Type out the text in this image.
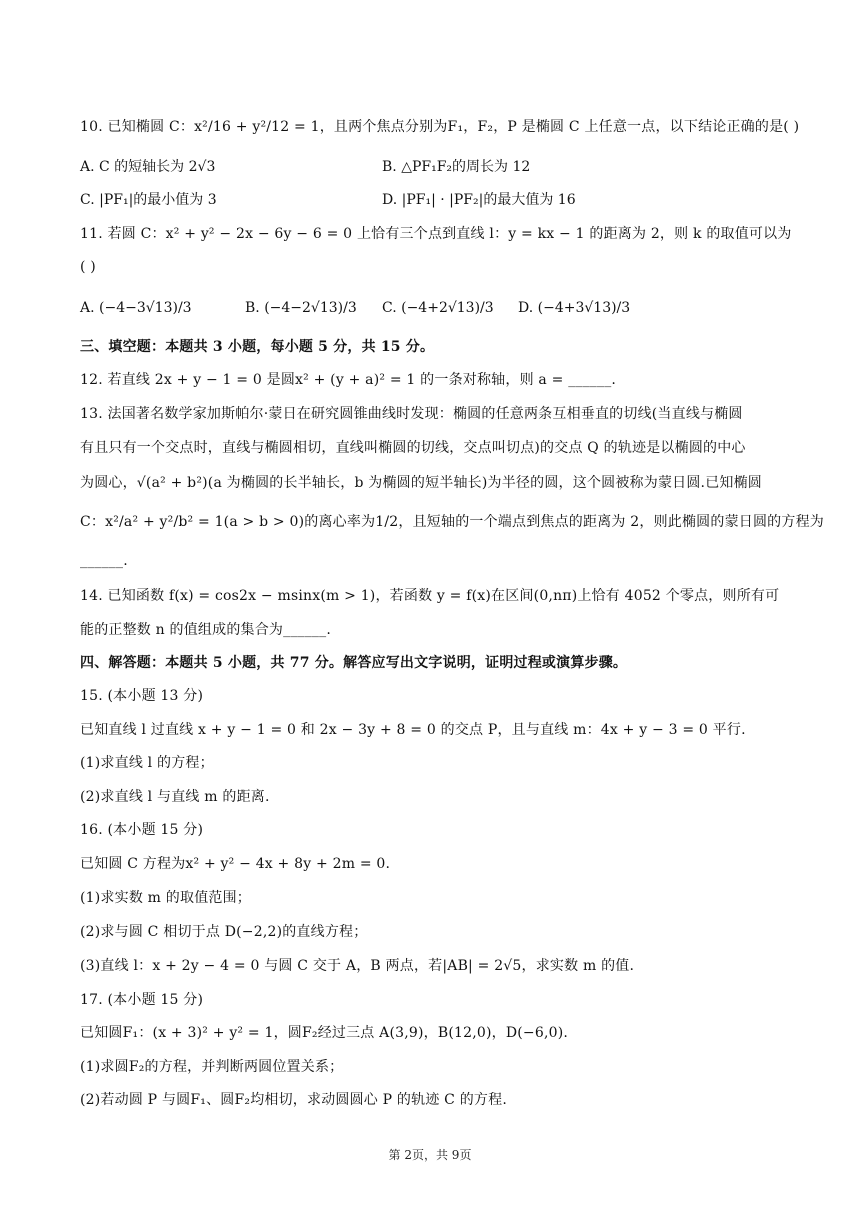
10. 已知椭圆 C：x²/16 + y²/12 = 1，且两个焦点分别为F₁，F₂，P 是椭圆 C 上任意一点，以下结论正确的是( )
A. C 的短轴长为 2√3	B. △PF₁F₂的周长为 12
C. |PF₁|的最小值为 3	D. |PF₁| · |PF₂|的最大值为 16
11. 若圆 C：x² + y² − 2x − 6y − 6 = 0 上恰有三个点到直线 l：y = kx − 1 的距离为 2，则 k 的取值可以为
( )
A. (−4−3√13)/3	B. (−4−2√13)/3 C. (−4+2√13)/3 D. (−4+3√13)/3
三、填空题：本题共 3 小题，每小题 5 分，共 15 分。
12. 若直线 2x + y − 1 = 0 是圆x² + (y + a)² = 1 的一条对称轴，则 a = ______.
13. 法国著名数学家加斯帕尔·蒙日在研究圆锥曲线时发现：椭圆的任意两条互相垂直的切线(当直线与椭圆
有且只有一个交点时，直线与椭圆相切，直线叫椭圆的切线，交点叫切点)的交点 Q 的轨迹是以椭圆的中心
为圆心，√(a² + b²)(a 为椭圆的长半轴长，b 为椭圆的短半轴长)为半径的圆，这个圆被称为蒙日圆.已知椭圆
C：x²/a² + y²/b² = 1(a > b > 0)的离心率为1/2，且短轴的一个端点到焦点的距离为 2，则此椭圆的蒙日圆的方程为
______.
14. 已知函数 f(x) = cos2x − msinx(m > 1)，若函数 y = f(x)在区间(0,nπ)上恰有 4052 个零点，则所有可
能的正整数 n 的值组成的集合为______.
四、解答题：本题共 5 小题，共 77 分。解答应写出文字说明，证明过程或演算步骤。
15. (本小题 13 分)
已知直线 l 过直线 x + y − 1 = 0 和 2x − 3y + 8 = 0 的交点 P，且与直线 m：4x + y − 3 = 0 平行.
(1)求直线 l 的方程；
(2)求直线 l 与直线 m 的距离.
16. (本小题 15 分)
已知圆 C 方程为x² + y² − 4x + 8y + 2m = 0.
(1)求实数 m 的取值范围；
(2)求与圆 C 相切于点 D(−2,2)的直线方程；
(3)直线 l：x + 2y − 4 = 0 与圆 C 交于 A，B 两点，若|AB| = 2√5，求实数 m 的值.
17. (本小题 15 分)
已知圆F₁：(x + 3)² + y² = 1，圆F₂经过三点 A(3,9)，B(12,0)，D(−6,0).
(1)求圆F₂的方程，并判断两圆位置关系；
(2)若动圆 P 与圆F₁、圆F₂均相切，求动圆圆心 P 的轨迹 C 的方程.
第 2页，共 9页
